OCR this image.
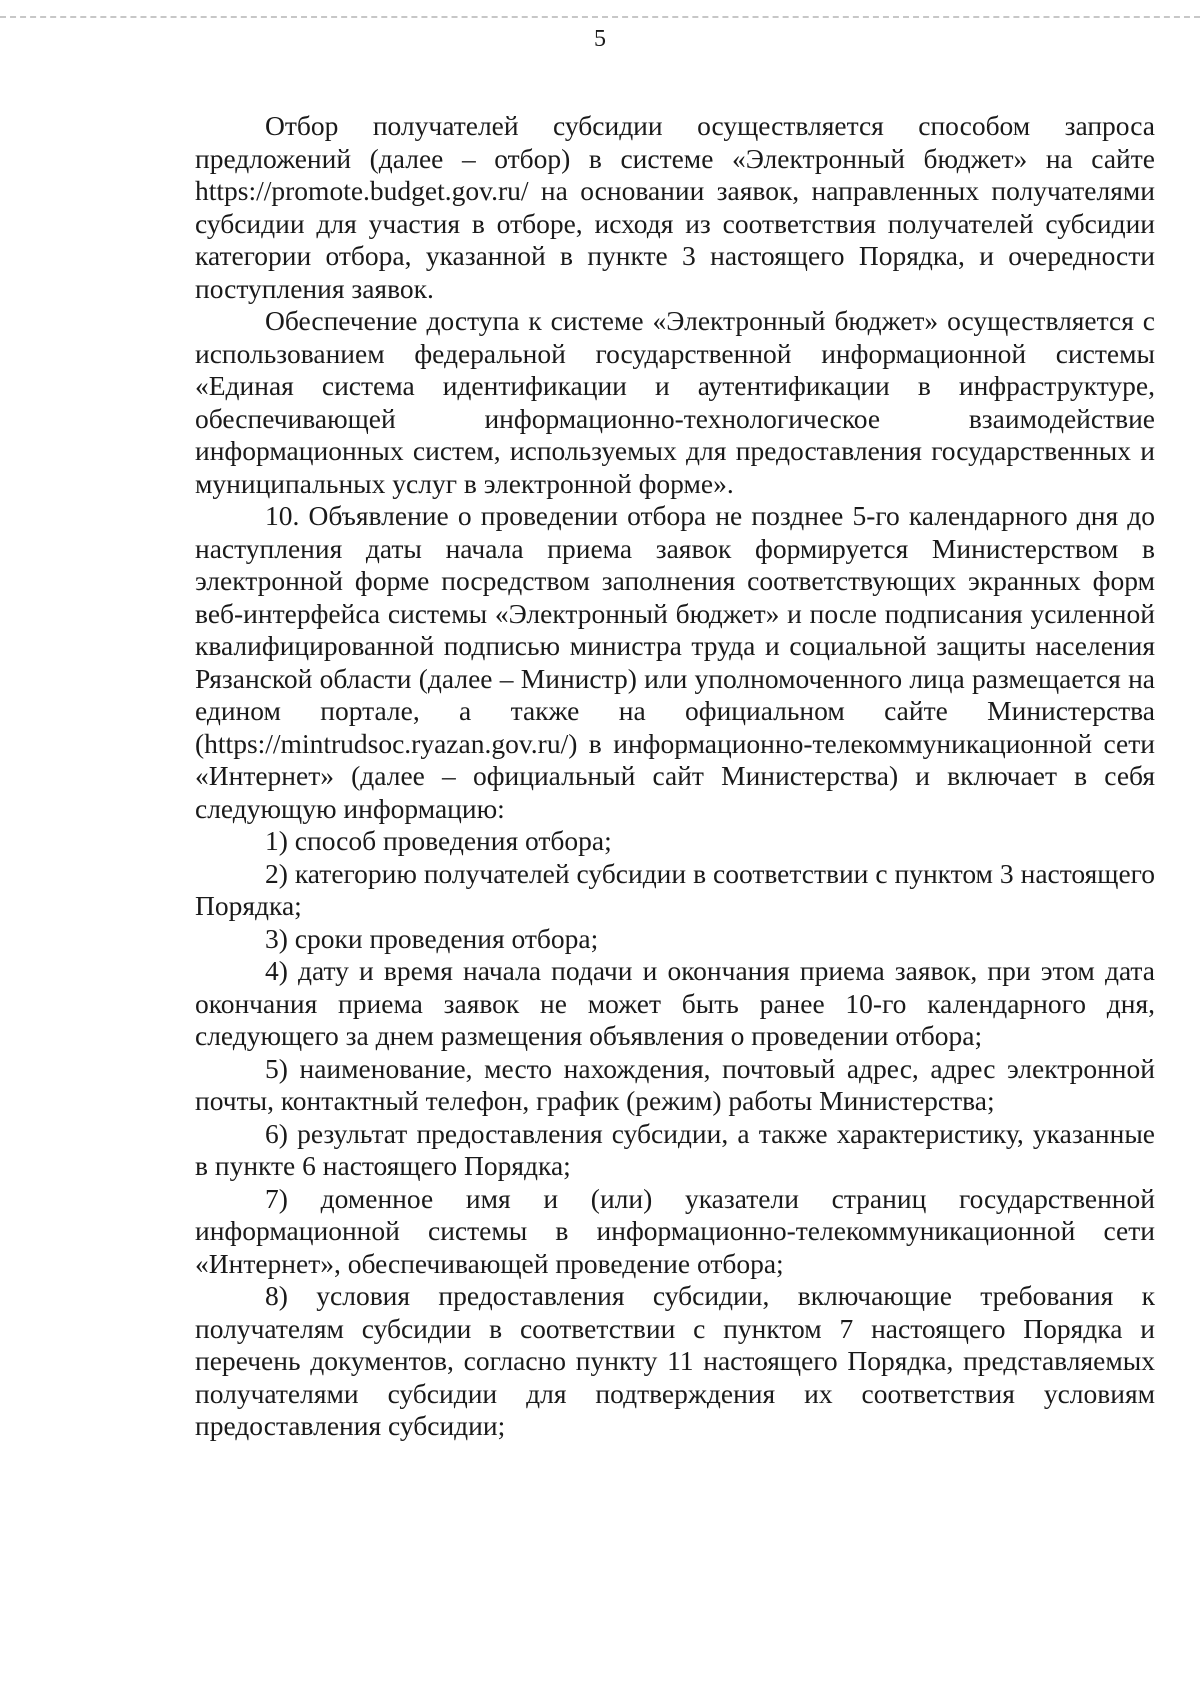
5

Отбор получателей субсидии осуществляется способом запроса предложений (далее – отбор) в системе «Электронный бюджет» на сайте https://promote.budget.gov.ru/ на основании заявок, направленных получателями субсидии для участия в отборе, исходя из соответствия получателей субсидии категории отбора, указанной в пункте 3 настоящего Порядка, и очередности поступления заявок.

Обеспечение доступа к системе «Электронный бюджет» осуществляется с использованием федеральной государственной информационной системы «Единая система идентификации и аутентификации в инфраструктуре, обеспечивающей информационно-технологическое взаимодействие информационных систем, используемых для предоставления государственных и муниципальных услуг в электронной форме».

10. Объявление о проведении отбора не позднее 5-го календарного дня до наступления даты начала приема заявок формируется Министерством в электронной форме посредством заполнения соответствующих экранных форм веб-интерфейса системы «Электронный бюджет» и после подписания усиленной квалифицированной подписью министра труда и социальной защиты населения Рязанской области (далее – Министр) или уполномоченного лица размещается на едином портале, а также на официальном сайте Министерства (https://mintrudsoc.ryazan.gov.ru/) в информационно-телекоммуникационной сети «Интернет» (далее – официальный сайт Министерства) и включает в себя следующую информацию:

1) способ проведения отбора;

2) категорию получателей субсидии в соответствии с пунктом 3 настоящего Порядка;

3) сроки проведения отбора;

4) дату и время начала подачи и окончания приема заявок, при этом дата окончания приема заявок не может быть ранее 10-го календарного дня, следующего за днем размещения объявления о проведении отбора;

5) наименование, место нахождения, почтовый адрес, адрес электронной почты, контактный телефон, график (режим) работы Министерства;

6) результат предоставления субсидии, а также характеристику, указанные в пункте 6 настоящего Порядка;

7) доменное имя и (или) указатели страниц государственной информационной системы в информационно-телекоммуникационной сети «Интернет», обеспечивающей проведение отбора;

8) условия предоставления субсидии, включающие требования к получателям субсидии в соответствии с пунктом 7 настоящего Порядка и перечень документов, согласно пункту 11 настоящего Порядка, представляемых получателями субсидии для подтверждения их соответствия условиям предоставления субсидии;
